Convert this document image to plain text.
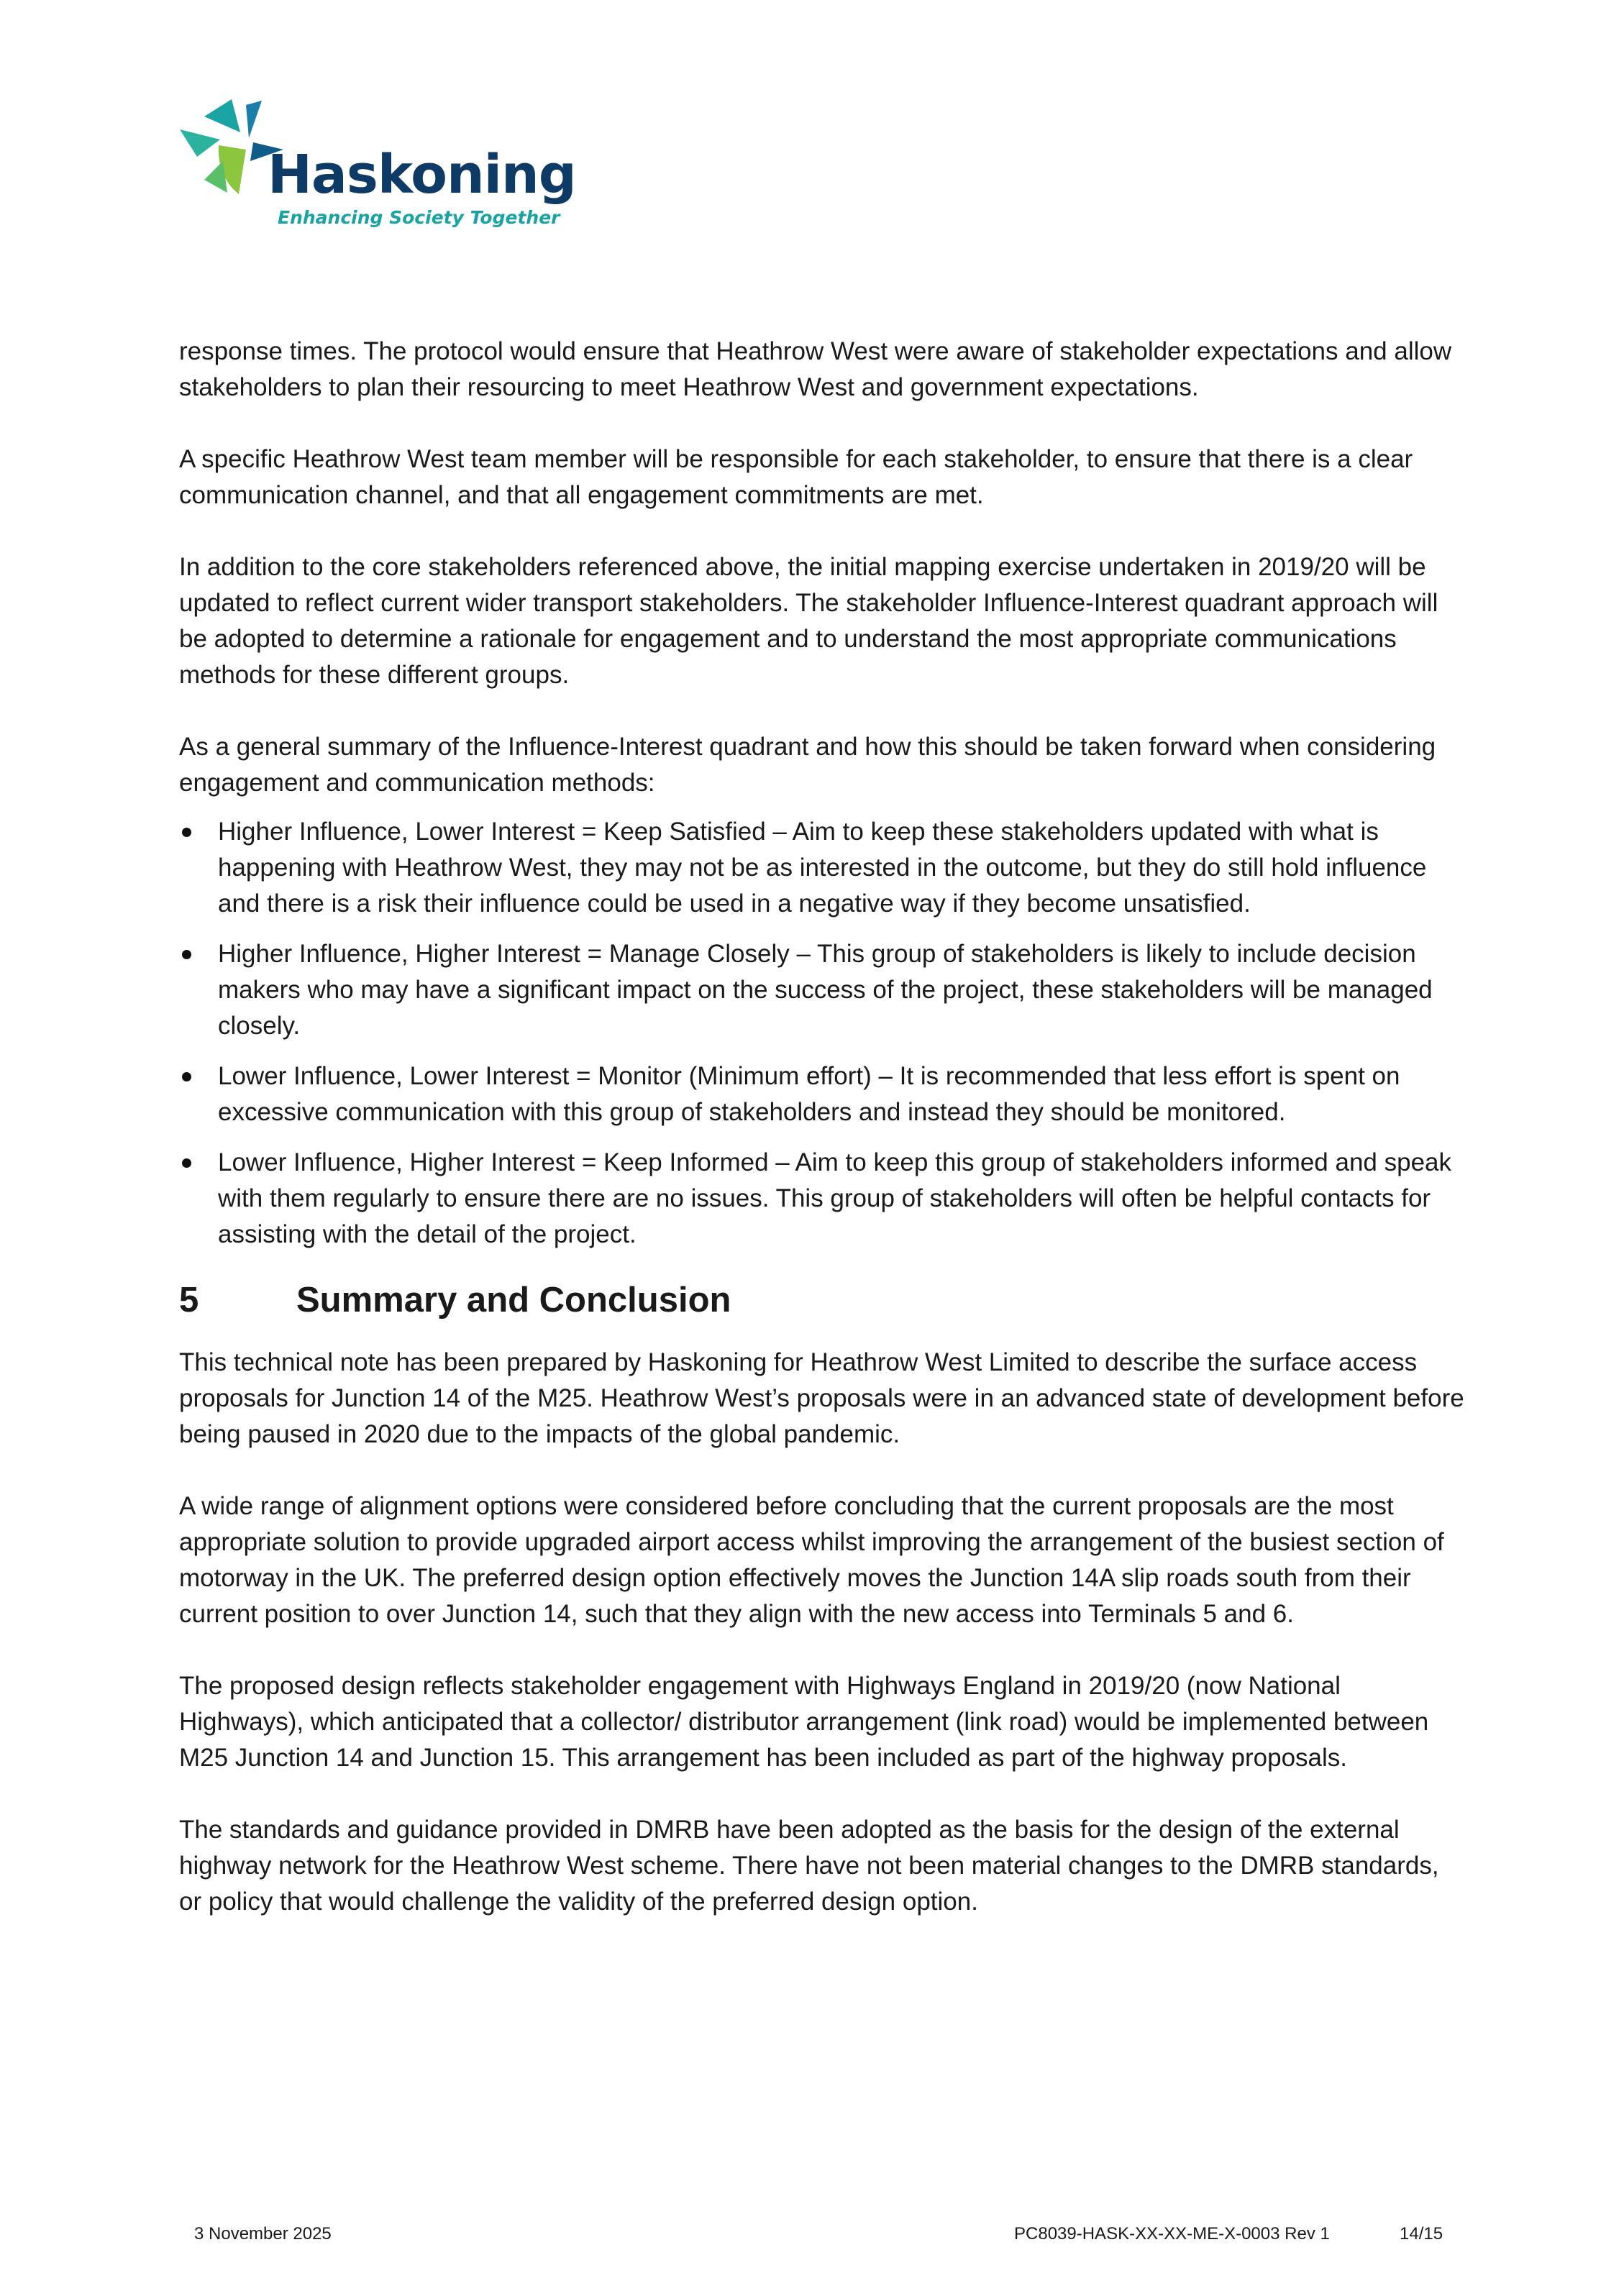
Haskoning
Enhancing Society Together

response times. The protocol would ensure that Heathrow West were aware of stakeholder expectations and allow stakeholders to plan their resourcing to meet Heathrow West and government expectations.

A specific Heathrow West team member will be responsible for each stakeholder, to ensure that there is a clear communication channel, and that all engagement commitments are met.

In addition to the core stakeholders referenced above, the initial mapping exercise undertaken in 2019/20 will be updated to reflect current wider transport stakeholders. The stakeholder Influence-Interest quadrant approach will be adopted to determine a rationale for engagement and to understand the most appropriate communications methods for these different groups.

As a general summary of the Influence-Interest quadrant and how this should be taken forward when considering engagement and communication methods:

Higher Influence, Lower Interest = Keep Satisfied – Aim to keep these stakeholders updated with what is happening with Heathrow West, they may not be as interested in the outcome, but they do still hold influence and there is a risk their influence could be used in a negative way if they become unsatisfied.
Higher Influence, Higher Interest = Manage Closely – This group of stakeholders is likely to include decision makers who may have a significant impact on the success of the project, these stakeholders will be managed closely.
Lower Influence, Lower Interest = Monitor (Minimum effort) – It is recommended that less effort is spent on excessive communication with this group of stakeholders and instead they should be monitored.
Lower Influence, Higher Interest = Keep Informed – Aim to keep this group of stakeholders informed and speak with them regularly to ensure there are no issues. This group of stakeholders will often be helpful contacts for assisting with the detail of the project.
5	Summary and Conclusion

This technical note has been prepared by Haskoning for Heathrow West Limited to describe the surface access proposals for Junction 14 of the M25. Heathrow West’s proposals were in an advanced state of development before being paused in 2020 due to the impacts of the global pandemic.

A wide range of alignment options were considered before concluding that the current proposals are the most appropriate solution to provide upgraded airport access whilst improving the arrangement of the busiest section of motorway in the UK. The preferred design option effectively moves the Junction 14A slip roads south from their current position to over Junction 14, such that they align with the new access into Terminals 5 and 6.

The proposed design reflects stakeholder engagement with Highways England in 2019/20 (now National Highways), which anticipated that a collector/ distributor arrangement (link road) would be implemented between M25 Junction 14 and Junction 15. This arrangement has been included as part of the highway proposals.

The standards and guidance provided in DMRB have been adopted as the basis for the design of the external highway network for the Heathrow West scheme. There have not been material changes to the DMRB standards, or policy that would challenge the validity of the preferred design option.

3 November 2025	PC8039-HASK-XX-XX-ME-X-0003 Rev 1	14/15
